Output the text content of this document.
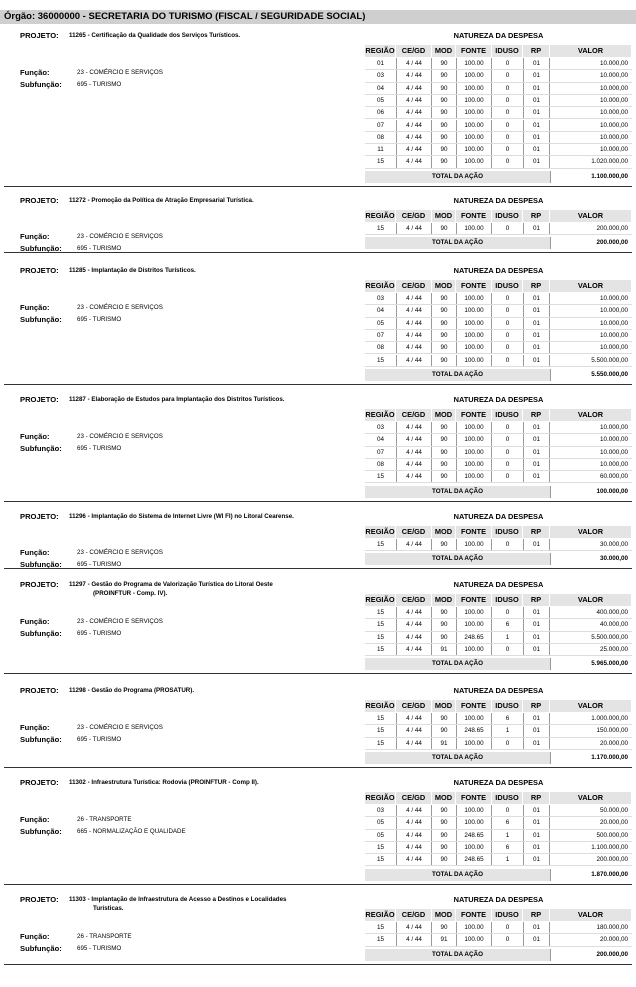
Órgão: 36000000 - SECRETARIA DO TURISMO (FISCAL / SEGURIDADE SOCIAL)
PROJETO: 11265 - Certificação da Qualidade dos Serviços Turísticos.	NATUREZA DA DESPESA
REGIÃO CE/GD	MOD	FONTE	IDUSO	RP	VALOR
01	4 / 44	90	100.00	0	01	10.000,00
03	4 / 44	90	100.00	0	01	10.000,00
04	4 / 44	90	100.00	0	01	10.000,00
05	4 / 44	90	100.00	0	01	10.000,00
06	4 / 44	90	100.00	0	01	10.000,00
07	4 / 44	90	100.00	0	01	10.000,00
08	4 / 44	90	100.00	0	01	10.000,00
11	4 / 44	90	100.00	0	01	10.000,00
15	4 / 44	90	100.00	0	01	1.020.000,00
TOTAL DA AÇÃO	1.100.000,00
Função:	23 - COMÉRCIO E SERVIÇOS
Subfunção: 695 - TURISMO
PROJETO: 11272 - Promoção da Política de Atração Empresarial Turística.	NATUREZA DA DESPESA
REGIÃO CE/GD	MOD	FONTE	IDUSO	RP	VALOR
15	4 / 44	90	100.00	0	01	200.000,00
TOTAL DA AÇÃO	200.000,00
Função:	23 - COMÉRCIO E SERVIÇOS
Subfunção: 695 - TURISMO
PROJETO: 11285 - Implantação de Distritos Turísticos.	NATUREZA DA DESPESA
REGIÃO CE/GD	MOD	FONTE	IDUSO	RP	VALOR
03	4 / 44	90	100.00	0	01	10.000,00
04	4 / 44	90	100.00	0	01	10.000,00
05	4 / 44	90	100.00	0	01	10.000,00
07	4 / 44	90	100.00	0	01	10.000,00
08	4 / 44	90	100.00	0	01	10.000,00
15	4 / 44	90	100.00	0	01	5.500.000,00
TOTAL DA AÇÃO	5.550.000,00
Função:	23 - COMÉRCIO E SERVIÇOS
Subfunção: 695 - TURISMO
PROJETO: 11287 - Elaboração de Estudos para Implantação dos Distritos Turísticos.	NATUREZA DA DESPESA
REGIÃO CE/GD	MOD	FONTE	IDUSO	RP	VALOR
03	4 / 44	90	100.00	0	01	10.000,00
04	4 / 44	90	100.00	0	01	10.000,00
07	4 / 44	90	100.00	0	01	10.000,00
08	4 / 44	90	100.00	0	01	10.000,00
15	4 / 44	90	100.00	0	01	60.000,00
TOTAL DA AÇÃO	100.000,00
Função:	23 - COMÉRCIO E SERVIÇOS
Subfunção: 695 - TURISMO
PROJETO: 11296 - Implantação do Sistema de Internet Livre (WI FI) no Litoral Cearense.	NATUREZA DA DESPESA
REGIÃO CE/GD	MOD	FONTE	IDUSO	RP	VALOR
15	4 / 44	90	100.00	0	01	30.000,00
TOTAL DA AÇÃO	30.000,00
Função:	23 - COMÉRCIO E SERVIÇOS
Subfunção: 695 - TURISMO
PROJETO: 11297 - Gestão do Programa de Valorização Turística do Litoral Oeste
(PROINFTUR - Comp. IV).
NATUREZA DA DESPESA
REGIÃO CE/GD	MOD	FONTE	IDUSO	RP	VALOR
15	4 / 44	90	100.00	0	01	400.000,00
15	4 / 44	90	100.00	6	01	40.000,00
15	4 / 44	90	248.65	1	01	5.500.000,00
15	4 / 44	91	100.00	0	01	25.000,00
TOTAL DA AÇÃO	5.965.000,00
Função:	23 - COMÉRCIO E SERVIÇOS
Subfunção: 695 - TURISMO
PROJETO: 11298 - Gestão do Programa (PROSATUR).	NATUREZA DA DESPESA
REGIÃO CE/GD	MOD	FONTE	IDUSO	RP	VALOR
15	4 / 44	90	100.00	6	01	1.000.000,00
15	4 / 44	90	248.65	1	01	150.000,00
15	4 / 44	91	100.00	0	01	20.000,00
TOTAL DA AÇÃO	1.170.000,00
Função:	23 - COMÉRCIO E SERVIÇOS
Subfunção: 695 - TURISMO
PROJETO: 11302 - Infraestrutura Turística: Rodovia (PROINFTUR - Comp II).	NATUREZA DA DESPESA
REGIÃO CE/GD	MOD	FONTE	IDUSO	RP	VALOR
03	4 / 44	90	100.00	0	01	50.000,00
05	4 / 44	90	100.00	6	01	20.000,00
05	4 / 44	90	248.65	1	01	500.000,00
15	4 / 44	90	100.00	6	01	1.100.000,00
15	4 / 44	90	248.65	1	01	200.000,00
TOTAL DA AÇÃO	1.870.000,00
Função:	26 - TRANSPORTE
Subfunção: 665 - NORMALIZAÇÃO E QUALIDADE
PROJETO: 11303 - Implantação de Infraestrutura de Acesso a Destinos e Localidades
Turísticas.
NATUREZA DA DESPESA
REGIÃO CE/GD	MOD	FONTE	IDUSO	RP	VALOR
15	4 / 44	90	100.00	0	01	180.000,00
15	4 / 44	91	100.00	0	01	20.000,00
TOTAL DA AÇÃO	200.000,00
Função:	26 - TRANSPORTE
Subfunção: 695 - TURISMO
